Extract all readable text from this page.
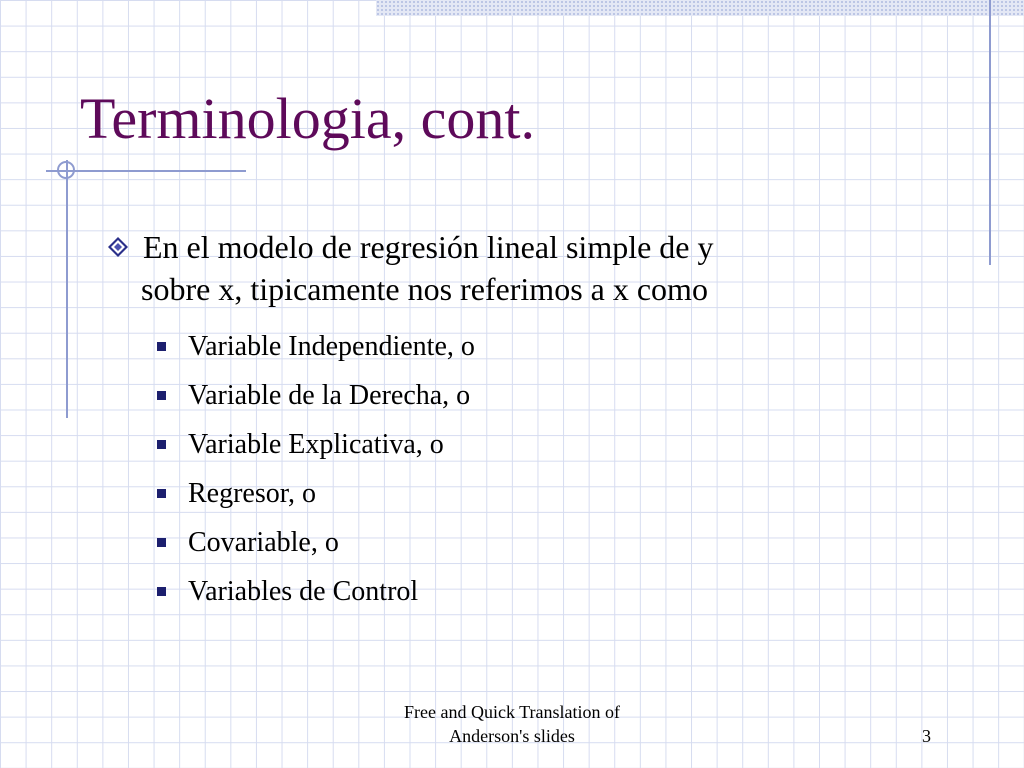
Terminologia, cont.

En el modelo de regresión lineal simple de y
sobre x, tipicamente nos referimos a x como

Variable Independiente, o
Variable de la Derecha, o
Variable Explicativa, o
Regresor, o
Covariable, o
Variables de Control
Free and Quick Translation of
Anderson's slides	3
